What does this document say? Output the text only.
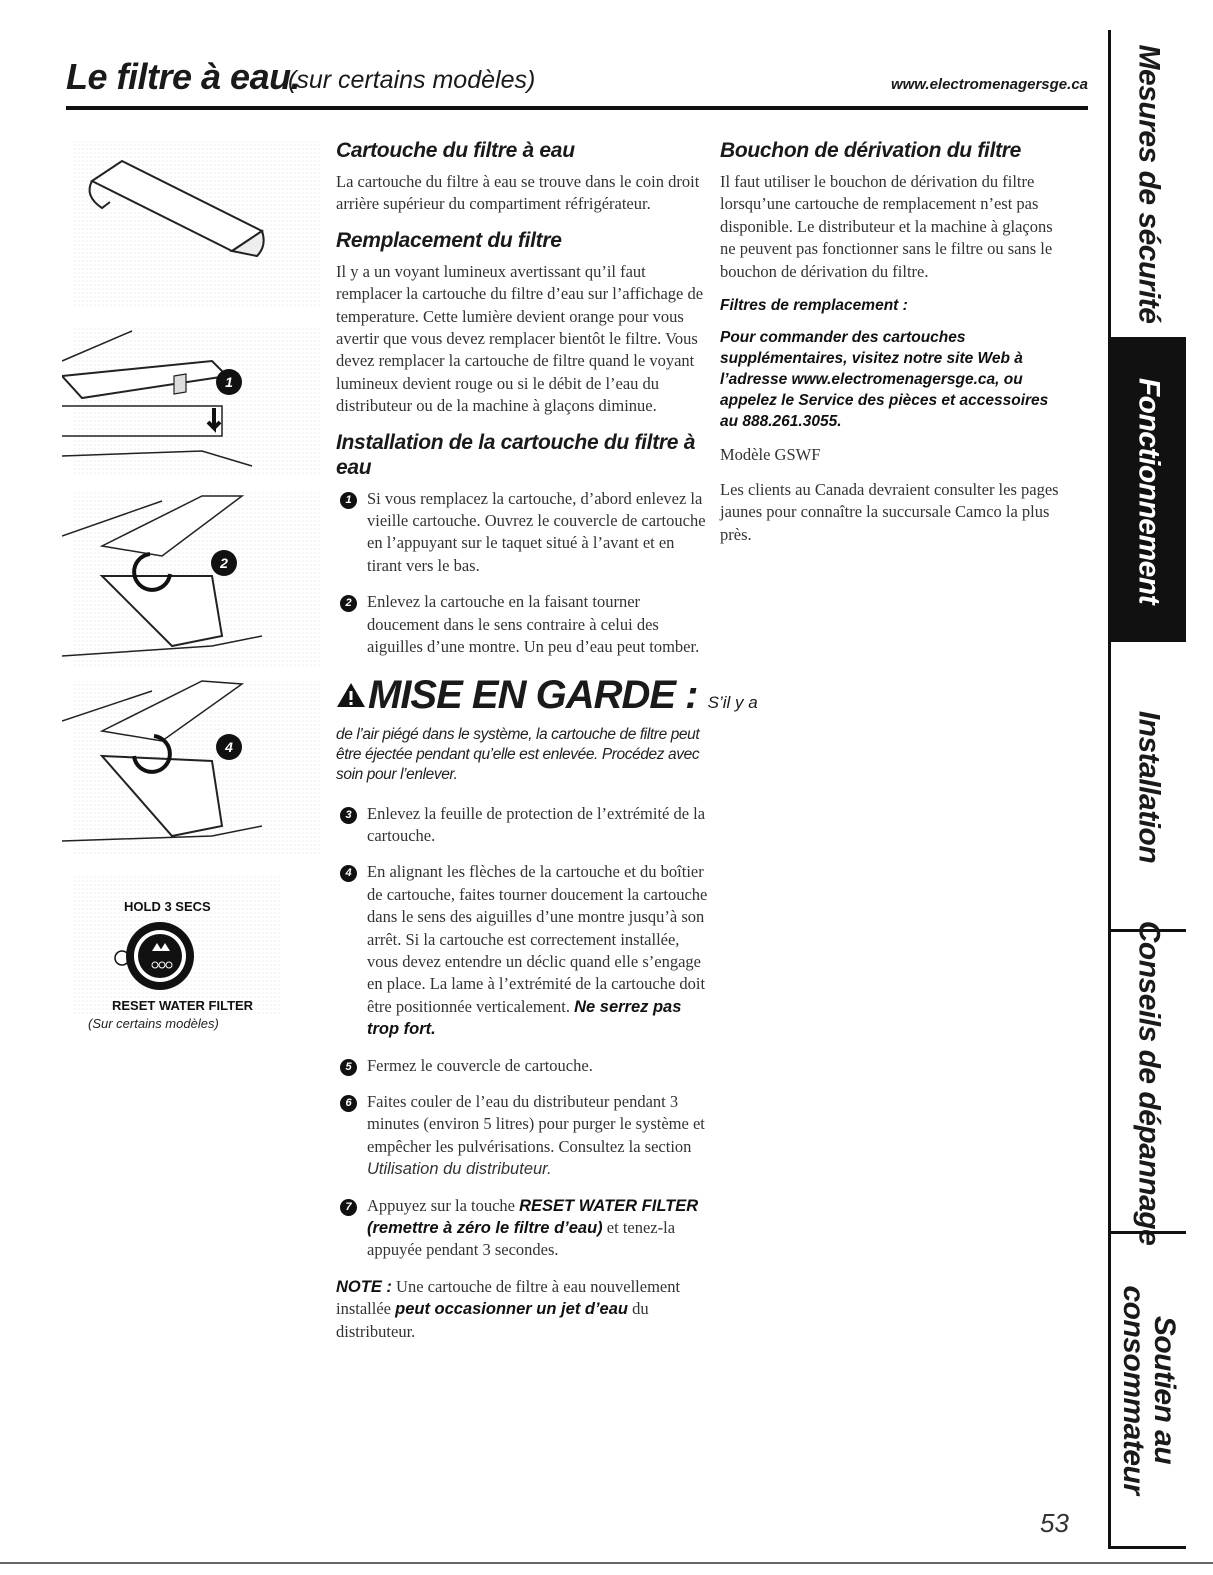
Le filtre à eau.
(sur certains modèles)	www.electromenagersge.ca Mesures de sécurité
Fonctionnement
Installation
Conseils de dépannage
Soutien au
consommateur
1
2
4
HOLD 3 SECS
RESET WATER FILTER
(Sur certains modèles)
Cartouche du filtre à eau

La cartouche du filtre à eau se trouve dans le coin droit arrière supérieur du compartiment réfrigérateur.

Remplacement du filtre

Il y a un voyant lumineux avertissant qu’il faut remplacer la cartouche du filtre d’eau sur l’affichage de temperature. Cette lumière devient orange pour vous avertir que vous devez remplacer bientôt le filtre. Vous devez remplacer la cartouche de filtre quand le voyant lumineux devient rouge ou si le débit de l’eau du distributeur ou de la machine à glaçons diminue.

Installation de la cartouche du filtre à eau
1 Si vous remplacez la cartouche, d’abord enlevez la vieille cartouche. Ouvrez le couvercle de cartouche en l’appuyant sur le taquet situé à l’avant et en tirant vers le bas.
2 Enlevez la cartouche en la faisant tourner doucement dans le sens contraire à celui des aiguilles d’une montre. Un peu d’eau peut tomber.
MISE EN GARDE : S’il y a
de l’air piégé dans le système, la cartouche de filtre peut être éjectée pendant qu’elle est enlevée. Procédez avec soin pour l’enlever.
3 Enlevez la feuille de protection de l’extrémité de la cartouche.
4 En alignant les flèches de la cartouche et du boîtier de cartouche, faites tourner doucement la cartouche dans le sens des aiguilles d’une montre jusqu’à son arrêt. Si la cartouche est correctement installée, vous devez entendre un déclic quand elle s’engage en place. La lame à l’extrémité de la cartouche doit être positionnée verticalement. Ne serrez pas trop fort.
5 Fermez le couvercle de cartouche.
6 Faites couler de l’eau du distributeur pendant 3 minutes (environ 5 litres) pour purger le système et empêcher les pulvérisations. Consultez la section Utilisation du distributeur.
7 Appuyez sur la touche RESET WATER FILTER (remettre à zéro le filtre d’eau) et tenez-la appuyée pendant 3 secondes.
NOTE : Une cartouche de filtre à eau nouvellement installée peut occasionner un jet d’eau du distributeur.
Bouchon de dérivation du filtre

Il faut utiliser le bouchon de dérivation du filtre lorsqu’une cartouche de remplacement n’est pas disponible. Le distributeur et la machine à glaçons ne peuvent pas fonctionner sans le filtre ou sans le bouchon de dérivation du filtre.

Filtres de remplacement :

Pour commander des cartouches supplémentaires, visitez notre site Web à l’adresse www.electromenagersge.ca, ou appelez le Service des pièces et accessoires au 888.261.3055.

Modèle GSWF

Les clients au Canada devraient consulter les pages jaunes pour connaître la succursale Camco la plus près.

53
